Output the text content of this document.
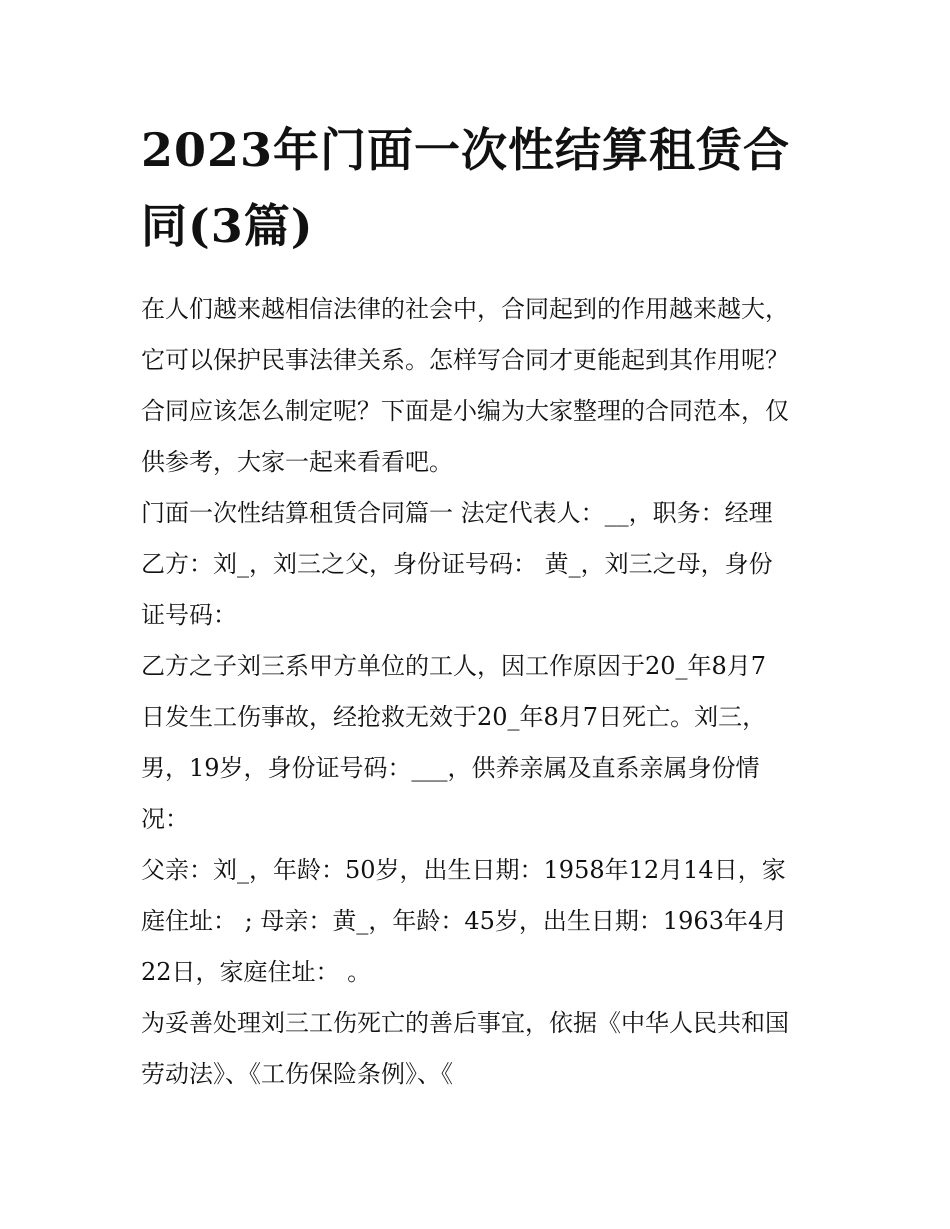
2023年门面一次性结算租赁合
同(3篇)

在人们越来越相信法律的社会中，合同起到的作用越来越大，
它可以保护民事法律关系。怎样写合同才更能起到其作用呢？
合同应该怎么制定呢？下面是小编为大家整理的合同范本，仅
供参考，大家一起来看看吧。

门面一次性结算租赁合同篇一 法定代表人：__，职务：经理
乙方：刘_，刘三之父，身份证号码： 黄_，刘三之母，身份
证号码：

乙方之子刘三系甲方单位的工人，因工作原因于20_年8月7
日发生工伤事故，经抢救无效于20_年8月7日死亡。刘三，
男，19岁，身份证号码：___，供养亲属及直系亲属身份情
况：

父亲：刘_，年龄：50岁，出生日期：1958年12月14日，家
庭住址： ; 母亲：黄_，年龄：45岁，出生日期：1963年4月
22日，家庭住址： 。

为妥善处理刘三工伤死亡的善后事宜，依据《中华人民共和国
劳动法》、《工伤保险条例》、《
